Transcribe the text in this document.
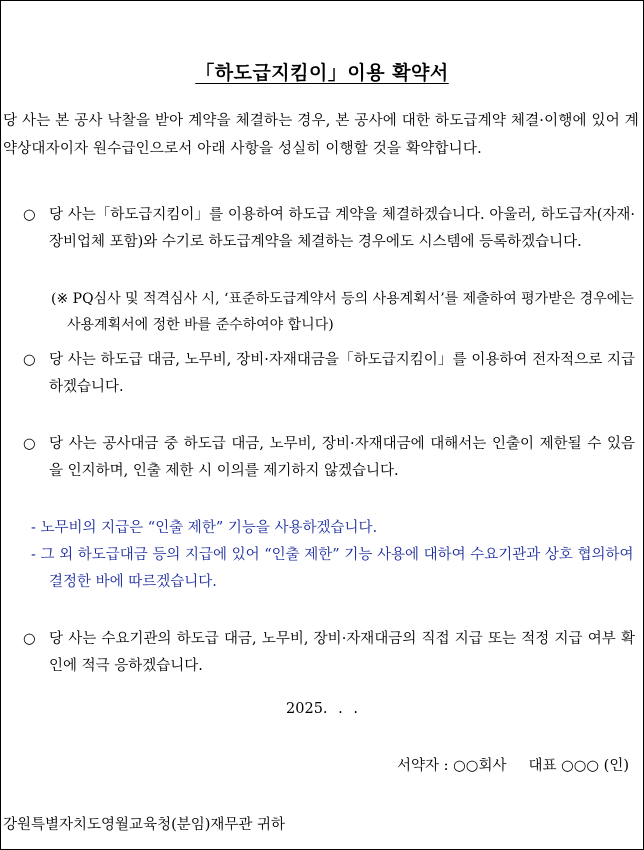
「하도급지킴이」이용 확약서
당 사는 본 공사 낙찰을 받아 계약을 체결하는 경우, 본 공사에 대한 하도급계약 체결·이행에 있어 계약상대자이자 원수급인으로서 아래 사항을 성실히 이행할 것을 확약합니다.
○ 당 사는「하도급지킴이」를 이용하여 하도급 계약을 체결하겠습니다. 아울러, 하도급자(자재·장비업체 포함)와 수기로 하도급계약을 체결하는 경우에도 시스템에 등록하겠습니다.
(※ PQ심사 및 적격심사 시, ‘표준하도급계약서 등의 사용계획서’를 제출하여 평가받은 경우에는 사용계획서에 정한 바를 준수하여야 합니다)
○ 당 사는 하도급 대금, 노무비, 장비·자재대금을「하도급지킴이」를 이용하여 전자적으로 지급하겠습니다.
○ 당 사는 공사대금 중 하도급 대금, 노무비, 장비·자재대금에 대해서는 인출이 제한될 수 있음을 인지하며, 인출 제한 시 이의를 제기하지 않겠습니다.
- 노무비의 지급은 “인출 제한” 기능을 사용하겠습니다.
- 그 외 하도급대금 등의 지급에 있어 “인출 제한” 기능 사용에 대하여 수요기관과 상호 협의하여 결정한 바에 따르겠습니다.
○ 당 사는 수요기관의 하도급 대금, 노무비, 장비·자재대금의 직접 지급 또는 적정 지급 여부 확인에 적극 응하겠습니다.
2025. . .
서약자 : ○○회사 대표 ○○○ (인)
강원특별자치도영월교육청(분임)재무관 귀하
